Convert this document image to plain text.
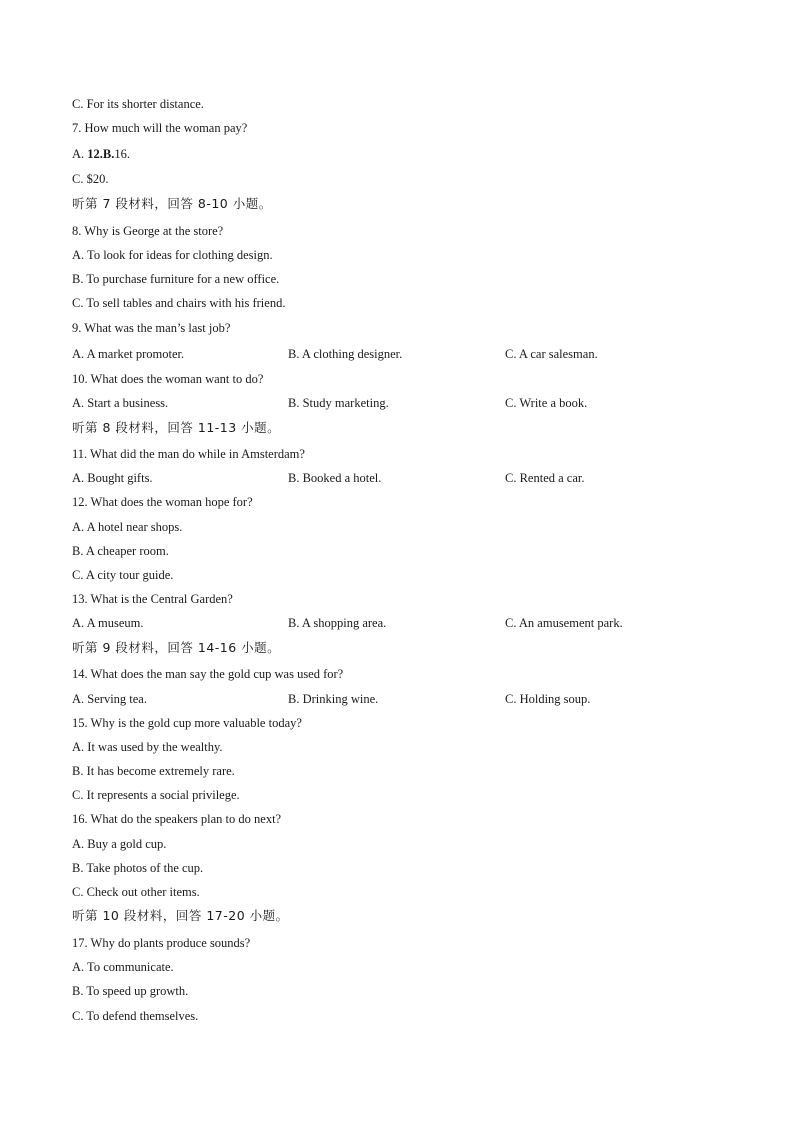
C. For its shorter distance.
7. How much will the woman pay?
A. 12.B.16.
C. $20.
听第 7 段材料，回答 8-10 小题。
8. Why is George at the store?
A. To look for ideas for clothing design.
B. To purchase furniture for a new office.
C. To sell tables and chairs with his friend.
9. What was the man’s last job?
A. A market promoter.	B. A clothing designer.	C. A car salesman.
10. What does the woman want to do?
A. Start a business.	B. Study marketing.	C. Write a book.
听第 8 段材料，回答 11-13 小题。
11. What did the man do while in Amsterdam?
A. Bought gifts.	B. Booked a hotel.	C. Rented a car.
12. What does the woman hope for?
A. A hotel near shops.
B. A cheaper room.
C. A city tour guide.
13. What is the Central Garden?
A. A museum.	B. A shopping area.	C. An amusement park.
听第 9 段材料，回答 14-16 小题。
14. What does the man say the gold cup was used for?
A. Serving tea.	B. Drinking wine.	C. Holding soup.
15. Why is the gold cup more valuable today?
A. It was used by the wealthy.
B. It has become extremely rare.
C. It represents a social privilege.
16. What do the speakers plan to do next?
A. Buy a gold cup.
B. Take photos of the cup.
C. Check out other items.
听第 10 段材料，回答 17-20 小题。
17. Why do plants produce sounds?
A. To communicate.
B. To speed up growth.
C. To defend themselves.
